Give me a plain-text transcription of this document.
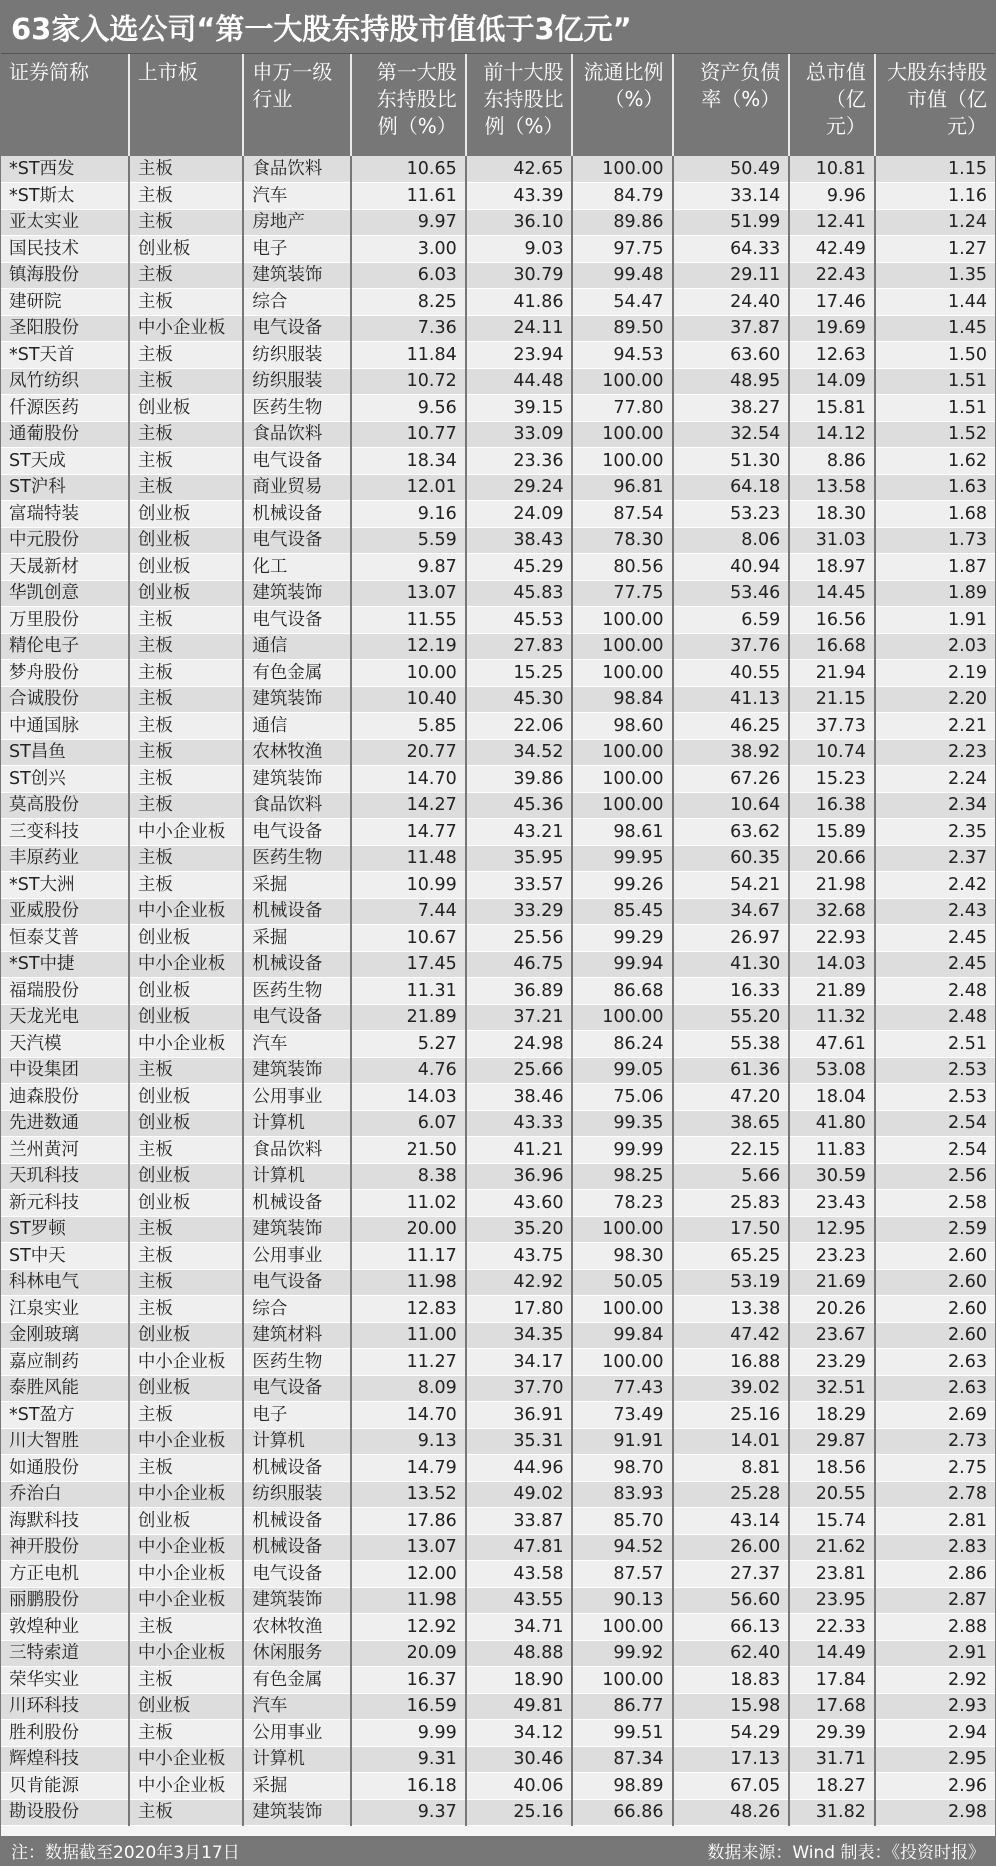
63家入选公司“第一大股东持股市值低于3亿元”
证券简称	上市板	申万一级行业	第一大股东持股比例（%）	前十大股东持股比例（%）	流通比例（%）	资产负债率（%）	总市值（亿元）	大股东持股市值（亿元）
*ST西发	主板	食品饮料	10.65	42.65	100.00	50.49	10.81	1.15
*ST斯太	主板	汽车	11.61	43.39	84.79	33.14	9.96	1.16
亚太实业	主板	房地产	9.97	36.10	89.86	51.99	12.41	1.24
国民技术	创业板	电子	3.00	9.03	97.75	64.33	42.49	1.27
镇海股份	主板	建筑装饰	6.03	30.79	99.48	29.11	22.43	1.35
建研院	主板	综合	8.25	41.86	54.47	24.40	17.46	1.44
圣阳股份	中小企业板	电气设备	7.36	24.11	89.50	37.87	19.69	1.45
*ST天首	主板	纺织服装	11.84	23.94	94.53	63.60	12.63	1.50
凤竹纺织	主板	纺织服装	10.72	44.48	100.00	48.95	14.09	1.51
仟源医药	创业板	医药生物	9.56	39.15	77.80	38.27	15.81	1.51
通葡股份	主板	食品饮料	10.77	33.09	100.00	32.54	14.12	1.52
ST天成	主板	电气设备	18.34	23.36	100.00	51.30	8.86	1.62
ST沪科	主板	商业贸易	12.01	29.24	96.81	64.18	13.58	1.63
富瑞特装	创业板	机械设备	9.16	24.09	87.54	53.23	18.30	1.68
中元股份	创业板	电气设备	5.59	38.43	78.30	8.06	31.03	1.73
天晟新材	创业板	化工	9.87	45.29	80.56	40.94	18.97	1.87
华凯创意	创业板	建筑装饰	13.07	45.83	77.75	53.46	14.45	1.89
万里股份	主板	电气设备	11.55	45.53	100.00	6.59	16.56	1.91
精伦电子	主板	通信	12.19	27.83	100.00	37.76	16.68	2.03
梦舟股份	主板	有色金属	10.00	15.25	100.00	40.55	21.94	2.19
合诚股份	主板	建筑装饰	10.40	45.30	98.84	41.13	21.15	2.20
中通国脉	主板	通信	5.85	22.06	98.60	46.25	37.73	2.21
ST昌鱼	主板	农林牧渔	20.77	34.52	100.00	38.92	10.74	2.23
ST创兴	主板	建筑装饰	14.70	39.86	100.00	67.26	15.23	2.24
莫高股份	主板	食品饮料	14.27	45.36	100.00	10.64	16.38	2.34
三变科技	中小企业板	电气设备	14.77	43.21	98.61	63.62	15.89	2.35
丰原药业	主板	医药生物	11.48	35.95	99.95	60.35	20.66	2.37
*ST大洲	主板	采掘	10.99	33.57	99.26	54.21	21.98	2.42
亚威股份	中小企业板	机械设备	7.44	33.29	85.45	34.67	32.68	2.43
恒泰艾普	创业板	采掘	10.67	25.56	99.29	26.97	22.93	2.45
*ST中捷	中小企业板	机械设备	17.45	46.75	99.94	41.30	14.03	2.45
福瑞股份	创业板	医药生物	11.31	36.89	86.68	16.33	21.89	2.48
天龙光电	创业板	电气设备	21.89	37.21	100.00	55.20	11.32	2.48
天汽模	中小企业板	汽车	5.27	24.98	86.24	55.38	47.61	2.51
中设集团	主板	建筑装饰	4.76	25.66	99.05	61.36	53.08	2.53
迪森股份	创业板	公用事业	14.03	38.46	75.06	47.20	18.04	2.53
先进数通	创业板	计算机	6.07	43.33	99.35	38.65	41.80	2.54
兰州黄河	主板	食品饮料	21.50	41.21	99.99	22.15	11.83	2.54
天玑科技	创业板	计算机	8.38	36.96	98.25	5.66	30.59	2.56
新元科技	创业板	机械设备	11.02	43.60	78.23	25.83	23.43	2.58
ST罗顿	主板	建筑装饰	20.00	35.20	100.00	17.50	12.95	2.59
ST中天	主板	公用事业	11.17	43.75	98.30	65.25	23.23	2.60
科林电气	主板	电气设备	11.98	42.92	50.05	53.19	21.69	2.60
江泉实业	主板	综合	12.83	17.80	100.00	13.38	20.26	2.60
金刚玻璃	创业板	建筑材料	11.00	34.35	99.84	47.42	23.67	2.60
嘉应制药	中小企业板	医药生物	11.27	34.17	100.00	16.88	23.29	2.63
泰胜风能	创业板	电气设备	8.09	37.70	77.43	39.02	32.51	2.63
*ST盈方	主板	电子	14.70	36.91	73.49	25.16	18.29	2.69
川大智胜	中小企业板	计算机	9.13	35.31	91.91	14.01	29.87	2.73
如通股份	主板	机械设备	14.79	44.96	98.70	8.81	18.56	2.75
乔治白	中小企业板	纺织服装	13.52	49.02	83.93	25.28	20.55	2.78
海默科技	创业板	机械设备	17.86	33.87	85.70	43.14	15.74	2.81
神开股份	中小企业板	机械设备	13.07	47.81	94.52	26.00	21.62	2.83
方正电机	中小企业板	电气设备	12.00	43.58	87.57	27.37	23.81	2.86
丽鹏股份	中小企业板	建筑装饰	11.98	43.55	90.13	56.60	23.95	2.87
敦煌种业	主板	农林牧渔	12.92	34.71	100.00	66.13	22.33	2.88
三特索道	中小企业板	休闲服务	20.09	48.88	99.92	62.40	14.49	2.91
荣华实业	主板	有色金属	16.37	18.90	100.00	18.83	17.84	2.92
川环科技	创业板	汽车	16.59	49.81	86.77	15.98	17.68	2.93
胜利股份	主板	公用事业	9.99	34.12	99.51	54.29	29.39	2.94
辉煌科技	中小企业板	计算机	9.31	30.46	87.34	17.13	31.71	2.95
贝肯能源	中小企业板	采掘	16.18	40.06	98.89	67.05	18.27	2.96
勘设股份	主板	建筑装饰	9.37	25.16	66.86	48.26	31.82	2.98
注：数据截至2020年3月17日	数据来源：Wind 制表：《投资时报》
